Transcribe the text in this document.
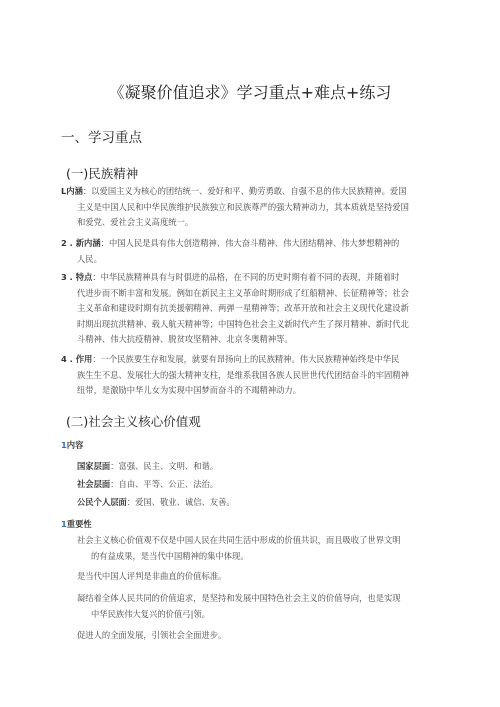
《凝聚价值追求》学习重点+难点+练习
一、学习重点
(一)民族精神
L内涵：以爱国主义为核心的团结统一、爱好和平、勤劳勇敢、自强不息的伟大民族精神。爱国
主义是中国人民和中华民族维护民族独立和民族尊严的强大精神动力，其本质就是坚持爱国
和爱党、爱社会主义高度统一。
2 . 新内涵：中国人民是具有伟大创造精神、伟大奋斗精神、伟大团结精神、伟大梦想精神的
人民。
3 . 特点：中华民族精神具有与时俱进的品格，在不同的历史时期有着不同的表现，并随着时
代进步而不断丰富和发展。例如在新民主主义革命时期形成了红船精神、长征精神等；社会
主义革命和建设时期有抗美援朝精神、两弹一星精神等；改革开放和社会主义现代化建设新
时期出现抗洪精神、载人航天精神等；中国特色社会主义新时代产生了探月精神、新时代北
斗精神、伟大抗疫精神、脱贫攻坚精神、北京冬奥精神等。
4 . 作用：一个民族要生存和发展，就要有昂扬向上的民族精神。伟大民族精神始终是中华民
族生生不息、发展壮大的强大精神支柱，是维系我国各族人民世世代代团结奋斗的牢固精神
纽带，是激励中华儿女为实现中国梦而奋斗的不竭精神动力。
(二)社会主义核心价值观
1内容
国家层面：富强、民主、文明、和谐。
社会层面：自由、平等、公正、法治。
公民个人层面：爱国、敬业、诚信、友善。
1重要性
社会主义核心价值观不仅是中国人民在共同生活中形成的价值共识，而且吸收了世界文明
的有益成果，是当代中国精神的集中体现。
是当代中国人评判是非曲直的价值标准。
凝结着全体人民共同的价值追求，是坚持和发展中国特色社会主义的价值导向，也是实现
中华民族伟大复兴的价值弓|领。
促进人的全面发展，引领社会全面进步。
